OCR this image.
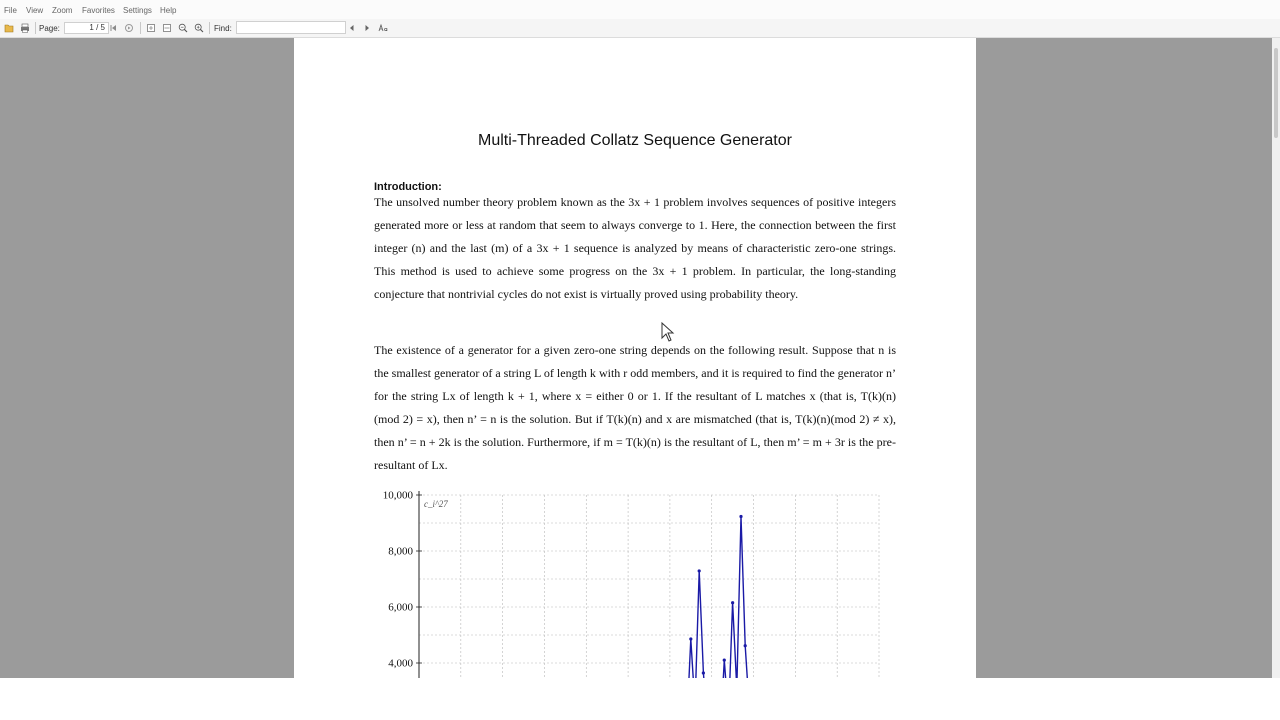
File View Zoom Favorites Settings Help
Page:	1 / 5	Find:
Multi-Threaded Collatz Sequence Generator
Introduction:

The unsolved number theory problem known as the 3x + 1 problem involves sequences of positive integers generated more or less at random that seem to always converge to 1. Here, the connection between the first integer (n) and the last (m) of a 3x + 1 sequence is analyzed by means of characteristic zero-one strings. This method is used to achieve some progress on the 3x + 1 problem. In particular, the long-standing conjecture that nontrivial cycles do not exist is virtually proved using probability theory.

The existence of a generator for a given zero-one string depends on the following result. Suppose that n is the smallest generator of a string L of length k with r odd members, and it is required to find the generator n’ for the string Lx of length k + 1, where x = either 0 or 1. If the resultant of L matches x (that is, T(k)(n) (mod 2) = x), then n’ = n is the solution. But if T(k)(n) and x are mismatched (that is, T(k)(n)(mod 2) ≠ x), then n’ = n + 2k is the solution. Furthermore, if m = T(k)(n) is the resultant of L, then m’ = m + 3r is the pre-resultant of Lx.

4,000
6,000
8,000
10,000
c_i^27
